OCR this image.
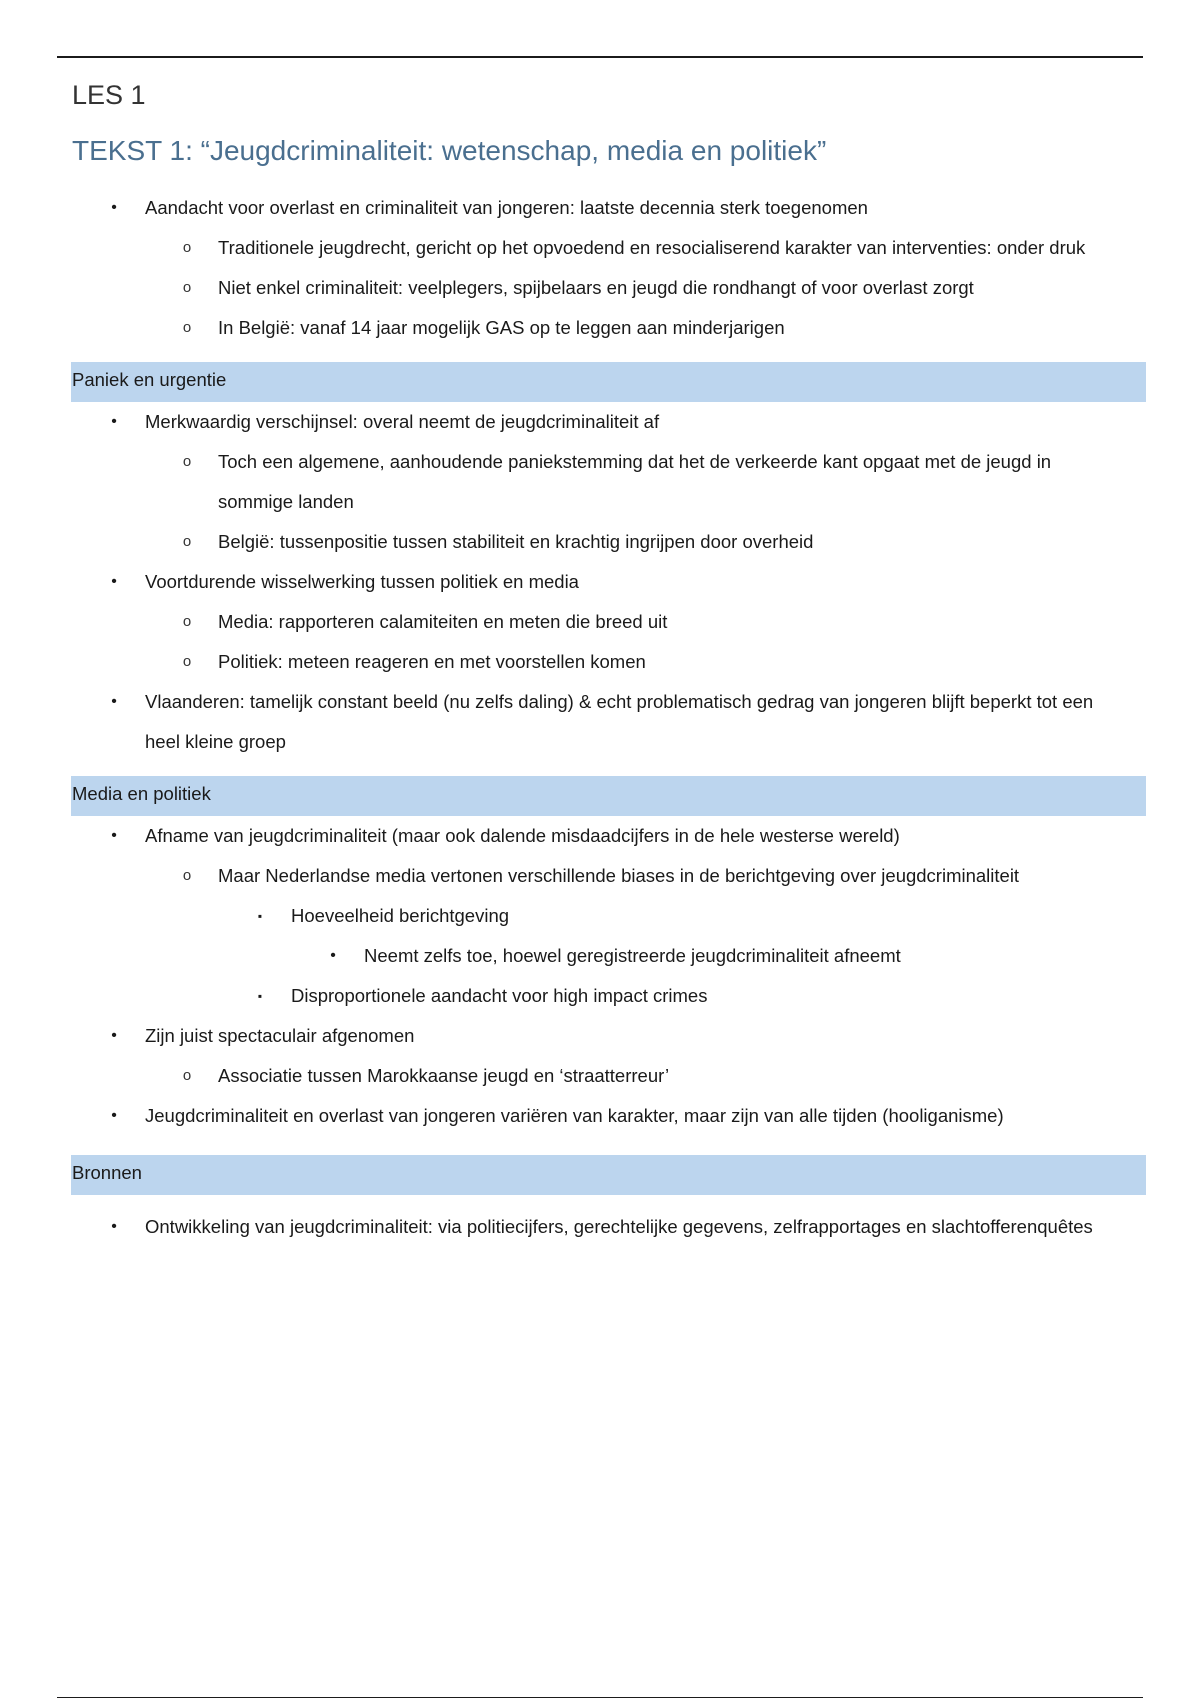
LES 1
TEKST 1: “Jeugdcriminaliteit: wetenschap, media en politiek”
•	Aandacht voor overlast en criminaliteit van jongeren: laatste decennia sterk toegenomen
o	Traditionele jeugdrecht, gericht op het opvoedend en resocialiserend karakter van interventies: onder druk
o	Niet enkel criminaliteit: veelplegers, spijbelaars en jeugd die rondhangt of voor overlast zorgt
o	In België: vanaf 14 jaar mogelijk GAS op te leggen aan minderjarigen
Paniek en urgentie
•	Merkwaardig verschijnsel: overal neemt de jeugdcriminaliteit af
o	Toch een algemene, aanhoudende paniekstemming dat het de verkeerde kant opgaat met de jeugd in sommige landen
o	België: tussenpositie tussen stabiliteit en krachtig ingrijpen door overheid
•	Voortdurende wisselwerking tussen politiek en media
o	Media: rapporteren calamiteiten en meten die breed uit
o	Politiek: meteen reageren en met voorstellen komen
•	Vlaanderen: tamelijk constant beeld (nu zelfs daling) & echt problematisch gedrag van jongeren blijft beperkt tot een heel kleine groep
Media en politiek
•	Afname van jeugdcriminaliteit (maar ook dalende misdaadcijfers in de hele westerse wereld)
o	Maar Nederlandse media vertonen verschillende biases in de berichtgeving over jeugdcriminaliteit
▪	Hoeveelheid berichtgeving
•	Neemt zelfs toe, hoewel geregistreerde jeugdcriminaliteit afneemt
▪	Disproportionele aandacht voor high impact crimes
•	Zijn juist spectaculair afgenomen
o	Associatie tussen Marokkaanse jeugd en ‘straatterreur’
•	Jeugdcriminaliteit en overlast van jongeren variëren van karakter, maar zijn van alle tijden (hooliganisme)
Bronnen
•	Ontwikkeling van jeugdcriminaliteit: via politiecijfers, gerechtelijke gegevens, zelfrapportages en slachtofferenquêtes
